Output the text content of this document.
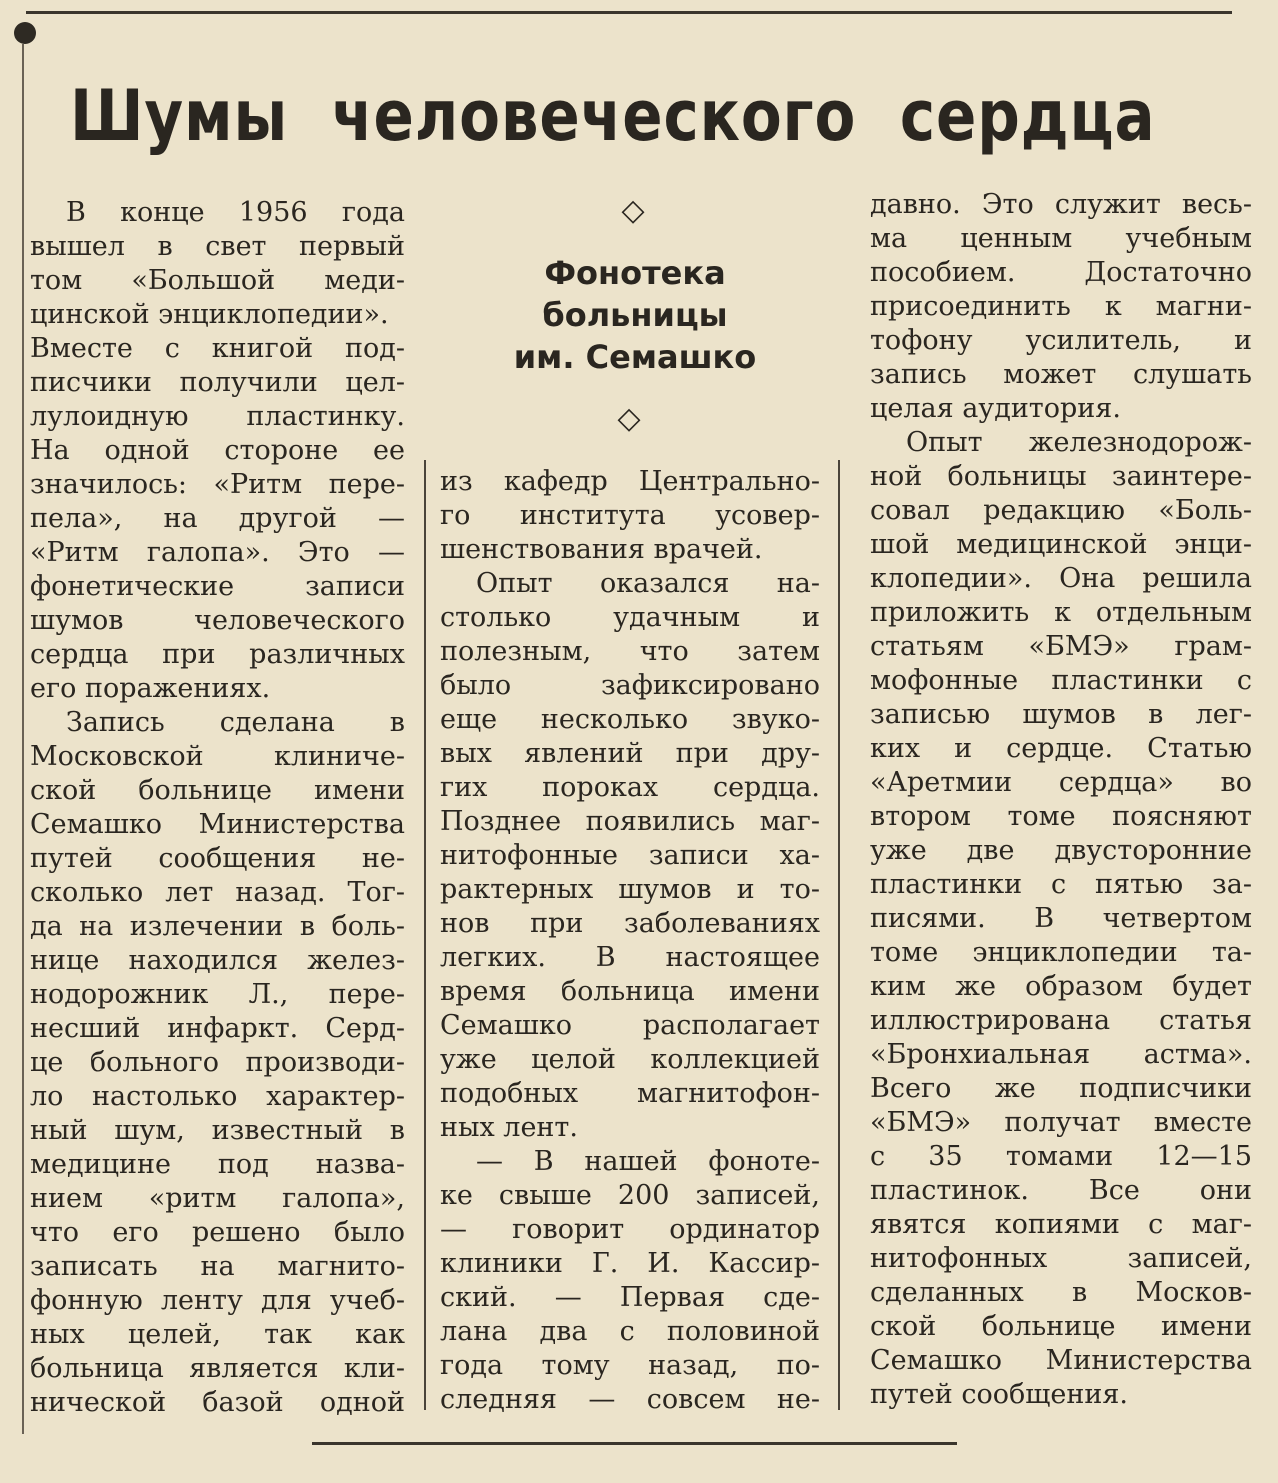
Шумы человеческого сердца
В конце 1956 года
вышел в свет первый
том «Большой меди-
цинской энциклопедии».
Вместе с книгой под-
писчики получили цел-
лулоидную пластинку.
На одной стороне ее
значилось: «Ритм пере-
пела», на другой —
«Ритм галопа». Это —
фонетические записи
шумов человеческого
сердца при различных
его поражениях.
Запись сделана в
Московской клиниче-
ской больнице имени
Семашко Министерства
путей сообщения не-
сколько лет назад. Тог-
да на излечении в боль-
нице находился желез-
нодорожник Л., пере-
несший инфаркт. Серд-
це больного производи-
ло настолько характер-
ный шум, известный в
медицине под назва-
нием «ритм галопа»,
что его решено было
записать на магнито-
фонную ленту для учеб-
ных целей, так как
больница является кли-
нической базой одной
◇
Фонотека
больницы
им. Семашко
◇
из кафедр Центрально-
го института усовер-
шенствования врачей.
Опыт оказался на-
столько удачным и
полезным, что затем
было зафиксировано
еще несколько звуко-
вых явлений при дру-
гих пороках сердца.
Позднее появились маг-
нитофонные записи ха-
рактерных шумов и то-
нов при заболеваниях
легких. В настоящее
время больница имени
Семашко располагает
уже целой коллекцией
подобных магнитофон-
ных лент.
— В нашей фоноте-
ке свыше 200 записей,
— говорит ординатор
клиники Г. И. Кассир-
ский. — Первая сде-
лана два с половиной
года тому назад, по-
следняя — совсем не-
давно. Это служит весь-
ма ценным учебным
пособием. Достаточно
присоединить к магни-
тофону усилитель, и
запись может слушать
целая аудитория.
Опыт железнодорож-
ной больницы заинтере-
совал редакцию «Боль-
шой медицинской энци-
клопедии». Она решила
приложить к отдельным
статьям «БМЭ» грам-
мофонные пластинки с
записью шумов в лег-
ких и сердце. Статью
«Аретмии сердца» во
втором томе поясняют
уже две двусторонние
пластинки с пятью за-
писями. В четвертом
томе энциклопедии та-
ким же образом будет
иллюстрирована статья
«Бронхиальная астма».
Всего же подписчики
«БМЭ» получат вместе
с 35 томами 12—15
пластинок. Все они
явятся копиями с маг-
нитофонных записей,
сделанных в Москов-
ской больнице имени
Семашко Министерства
путей сообщения.
